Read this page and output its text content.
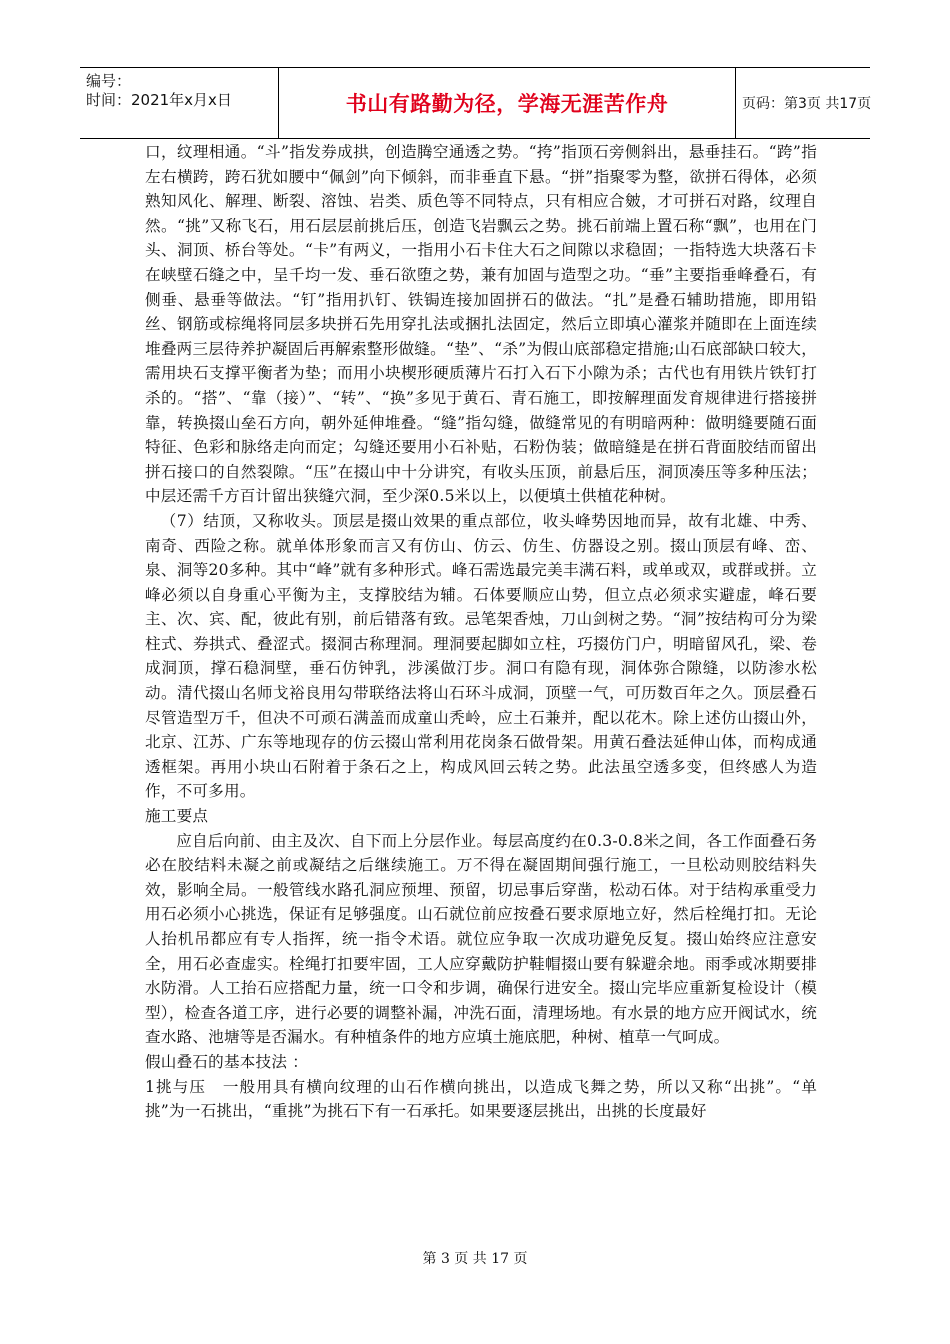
编号：
时间：2021年x月x日	书山有路勤为径，学海无涯苦作舟	页码：第3页 共17页

口，纹理相通。“斗”指发券成拱，创造腾空通透之势。“挎”指顶石旁侧斜出，悬垂挂石。“跨”指左右横跨，跨石犹如腰中“佩剑”向下倾斜，而非垂直下悬。“拼”指聚零为整，欲拼石得体，必须熟知风化、解理、断裂、溶蚀、岩类、质色等不同特点，只有相应合皴，才可拼石对路，纹理自然。“挑”又称飞石，用石层层前挑后压，创造飞岩飘云之势。挑石前端上置石称“飘”，也用在门头、洞顶、桥台等处。“卡”有两义，一指用小石卡住大石之间隙以求稳固；一指特选大块落石卡在峡壁石缝之中，呈千均一发、垂石欲堕之势，兼有加固与造型之功。“垂”主要指垂峰叠石，有侧垂、悬垂等做法。“钉”指用扒钉、铁锔连接加固拼石的做法。“扎”是叠石辅助措施，即用铅丝、钢筋或棕绳将同层多块拼石先用穿扎法或捆扎法固定，然后立即填心灌浆并随即在上面连续堆叠两三层待养护凝固后再解索整形做缝。“垫”、“杀”为假山底部稳定措施;山石底部缺口较大，需用块石支撑平衡者为垫；而用小块楔形硬质薄片石打入石下小隙为杀；古代也有用铁片铁钉打杀的。“搭”、“靠（接）”、“转”、“换”多见于黄石、青石施工，即按解理面发育规律进行搭接拼靠，转换掇山垒石方向，朝外延伸堆叠。“缝”指勾缝，做缝常见的有明暗两种：做明缝要随石面特征、色彩和脉络走向而定；勾缝还要用小石补贴，石粉伪装；做暗缝是在拼石背面胶结而留出拼石接口的自然裂隙。“压”在掇山中十分讲究，有收头压顶，前悬后压，洞顶凑压等多种压法；中层还需千方百计留出狭缝穴洞，至少深0.5米以上，以便填土供植花种树。

（7）结顶，又称收头。顶层是掇山效果的重点部位，收头峰势因地而异，故有北雄、中秀、南奇、西险之称。就单体形象而言又有仿山、仿云、仿生、仿器设之别。掇山顶层有峰、峦、泉、洞等20多种。其中“峰”就有多种形式。峰石需选最完美丰满石料，或单或双，或群或拼。立峰必须以自身重心平衡为主，支撑胶结为辅。石体要顺应山势，但立点必须求实避虚，峰石要主、次、宾、配，彼此有别，前后错落有致。忌笔架香烛，刀山剑树之势。“洞”按结构可分为梁柱式、券拱式、叠涩式。掇洞古称理洞。理洞要起脚如立柱，巧掇仿门户，明暗留风孔，梁、卷成洞顶，撑石稳洞壁，垂石仿钟乳，涉溪做汀步。洞口有隐有现，洞体弥合隙缝，以防渗水松动。清代掇山名师戈裕良用勾带联络法将山石环斗成洞，顶壁一气，可历数百年之久。顶层叠石尽管造型万千，但决不可顽石满盖而成童山秃岭，应土石兼并，配以花木。除上述仿山掇山外，北京、江苏、广东等地现存的仿云掇山常利用花岗条石做骨架。用黄石叠法延伸山体，而构成通透框架。再用小块山石附着于条石之上，构成风回云转之势。此法虽空透多变，但终感人为造作，不可多用。

施工要点

应自后向前、由主及次、自下而上分层作业。每层高度约在0.3-0.8米之间，各工作面叠石务必在胶结料未凝之前或凝结之后继续施工。万不得在凝固期间强行施工，一旦松动则胶结料失效，影响全局。一般管线水路孔洞应预埋、预留，切忌事后穿凿，松动石体。对于结构承重受力用石必须小心挑选，保证有足够强度。山石就位前应按叠石要求原地立好，然后栓绳打扣。无论人抬机吊都应有专人指挥，统一指令术语。就位应争取一次成功避免反复。掇山始终应注意安全，用石必查虚实。栓绳打扣要牢固，工人应穿戴防护鞋帽掇山要有躲避余地。雨季或冰期要排水防滑。人工抬石应搭配力量，统一口令和步调，确保行进安全。掇山完毕应重新复检设计（模型），检查各道工序，进行必要的调整补漏，冲洗石面，清理场地。有水景的地方应开阀试水，统查水路、池塘等是否漏水。有种植条件的地方应填土施底肥，种树、植草一气呵成。

假山叠石的基本技法 ：

1挑与压　一般用具有横向纹理的山石作横向挑出，以造成飞舞之势，所以又称“出挑”。“单挑”为一石挑出，“重挑”为挑石下有一石承托。如果要逐层挑出，出挑的长度最好

第 3 页 共 17 页
